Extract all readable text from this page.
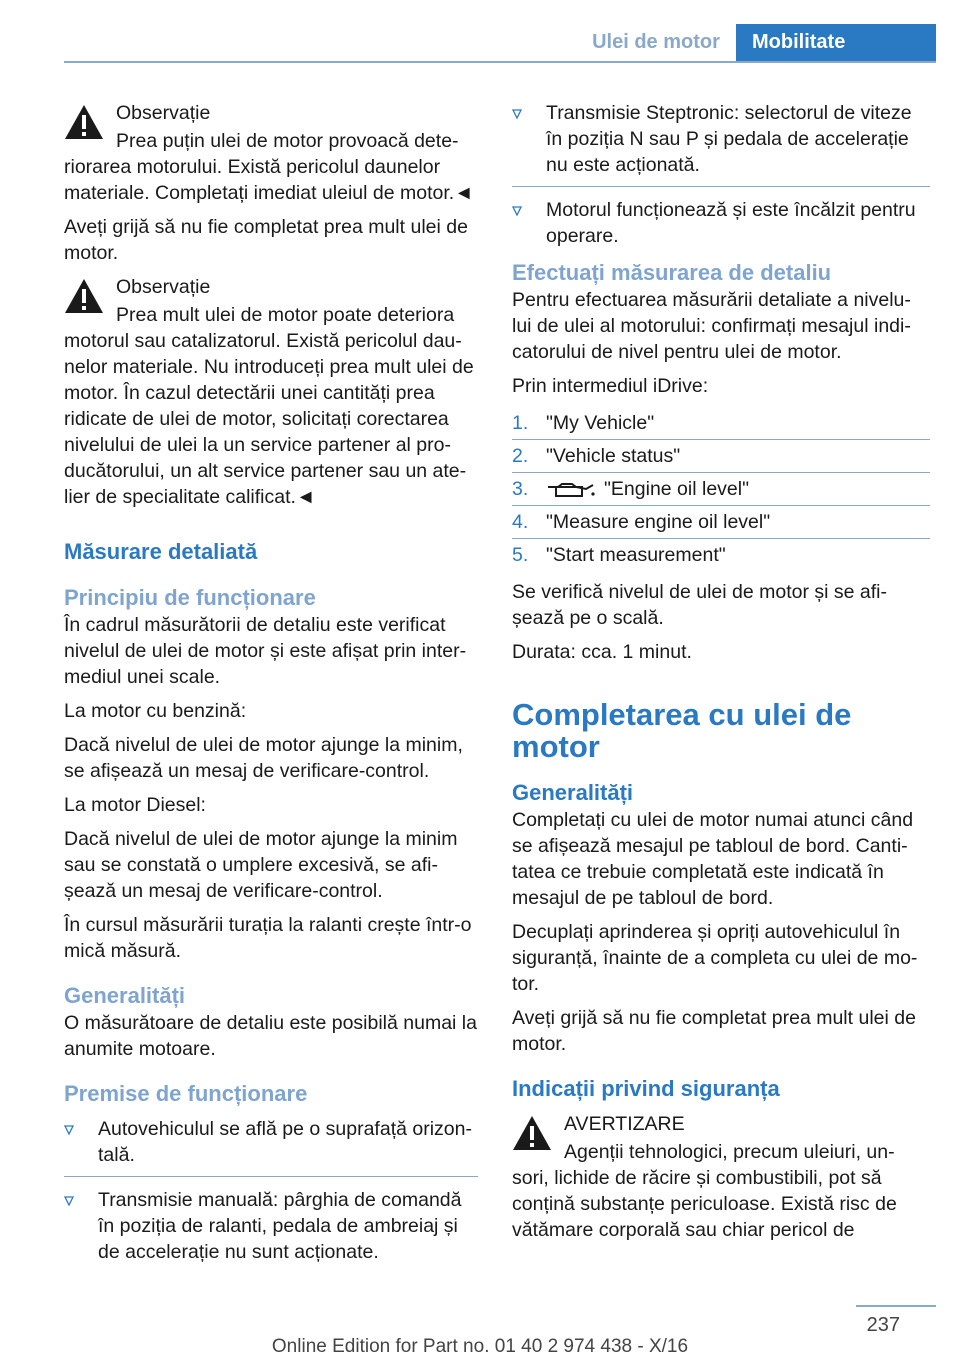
Ulei de motor	Mobilitate

Observație

Prea puțin ulei de motor provoacă dete-
riorarea motorului. Există pericolul daunelor materiale. Completați imediat uleiul de motor.◄

Aveți grijă să nu fie completat prea mult ulei de motor.

Observație

Prea mult ulei de motor poate deteriora
motorul sau catalizatorul. Există pericolul dau-nelor materiale. Nu introduceți prea mult ulei de motor. În cazul detectării unei cantități prea ridicate de ulei de motor, solicitați corectarea nivelului de ulei la un service partener al pro-ducătorului, un alt service partener sau un ate-lier de specialitate calificat.◄

Măsurare detaliată
Principiu de funcționare

În cadrul măsurătorii de detaliu este verificat nivelul de ulei de motor și este afișat prin inter-mediul unei scale.

La motor cu benzină:

Dacă nivelul de ulei de motor ajunge la minim, se afișează un mesaj de verificare-control.

La motor Diesel:

Dacă nivelul de ulei de motor ajunge la minim sau se constată o umplere excesivă, se afi-șează un mesaj de verificare-control.

În cursul măsurării turația la ralanti crește într-o mică măsură.

Generalități

O măsurătoare de detaliu este posibilă numai la anumite motoare.

Premise de funcționare
Autovehiculul se află pe o suprafață orizon-tală.
Transmisie manuală: pârghia de comandă în poziția de ralanti, pedala de ambreiaj și de accelerație nu sunt acționate.
Transmisie Steptronic: selectorul de viteze în poziția N sau P și pedala de accelerație nu este acționată.
Motorul funcționează și este încălzit pentru operare.
Efectuați măsurarea de detaliu

Pentru efectuarea măsurării detaliate a nivelu-lui de ulei al motorului: confirmați mesajul indi-catorului de nivel pentru ulei de motor.

Prin intermediul iDrive:

1. "My Vehicle"
2. "Vehicle status"
3.	"Engine oil level"
4. "Measure engine oil level"
5. "Start measurement"

Se verifică nivelul de ulei de motor și se afi-șează pe o scală.

Durata: cca. 1 minut.

Completarea cu ulei de motor
Generalități

Completați cu ulei de motor numai atunci când se afișează mesajul pe tabloul de bord. Canti-tatea ce trebuie completată este indicată în mesajul de pe tabloul de bord.

Decuplați aprinderea și opriți autovehiculul în siguranță, înainte de a completa cu ulei de mo-tor.

Aveți grijă să nu fie completat prea mult ulei de motor.

Indicații privind siguranța

AVERTIZARE

Agenții tehnologici, precum uleiuri, un-
sori, lichide de răcire și combustibili, pot să conțină substanțe periculoase. Există risc de vătămare corporală sau chiar pericol de

237
Online Edition for Part no. 01 40 2 974 438 - X/16
